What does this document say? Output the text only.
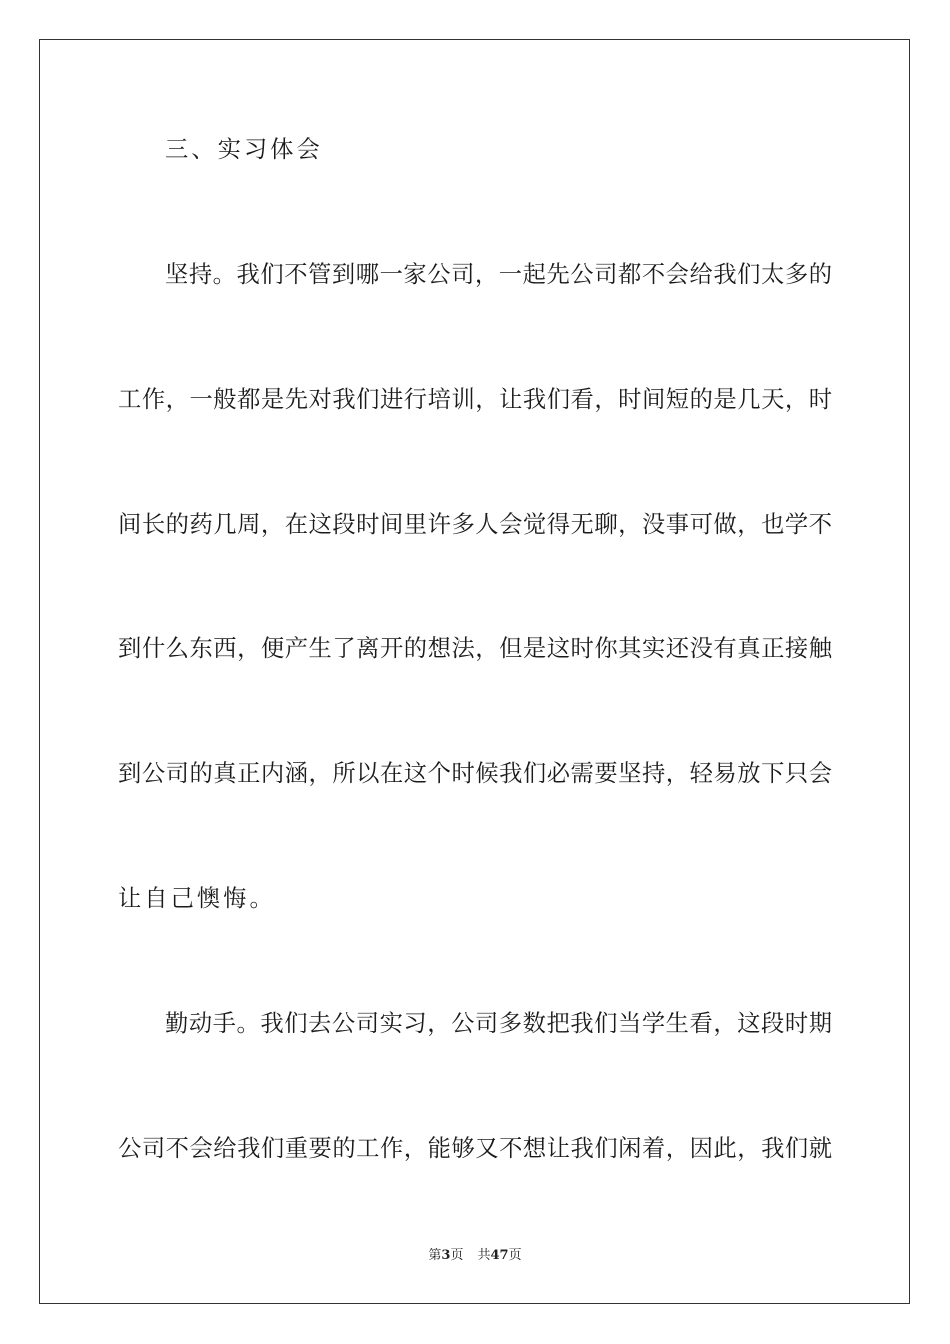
三、实习体会
坚持。我们不管到哪一家公司，一起先公司都不会给我们太多的
工作，一般都是先对我们进行培训，让我们看，时间短的是几天，时
间长的药几周，在这段时间里许多人会觉得无聊，没事可做，也学不
到什么东西，便产生了离开的想法，但是这时你其实还没有真正接触
到公司的真正内涵，所以在这个时候我们必需要坚持，轻易放下只会
让自己懊悔。
勤动手。我们去公司实习，公司多数把我们当学生看，这段时期
公司不会给我们重要的工作，能够又不想让我们闲着，因此，我们就
第3页 共47页
